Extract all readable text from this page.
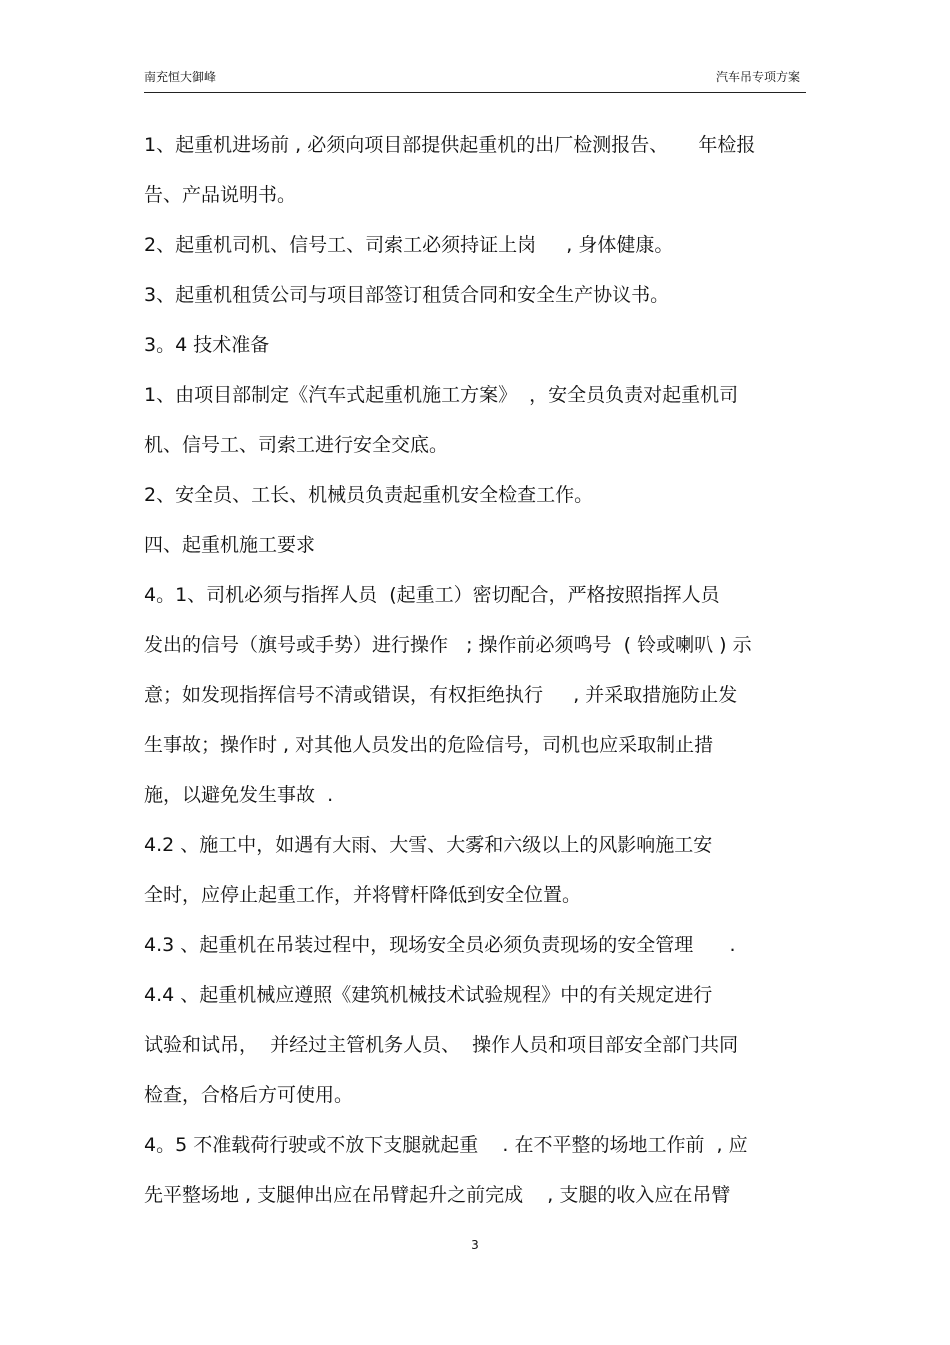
南充恒大御峰	汽车吊专项方案
1、起重机进场前 , 必须向项目部提供起重机的出厂检测报告、     年检报
告、产品说明书。
2、起重机司机、信号工、司索工必须持证上岗     , 身体健康。
3、起重机租赁公司与项目部签订租赁合同和安全生产协议书。
3。4 技术准备
1、由项目部制定《汽车式起重机施工方案》  ，安全员负责对起重机司
机、信号工、司索工进行安全交底。
2、安全员、工长、机械员负责起重机安全检查工作。
四、起重机施工要求
4。1、司机必须与指挥人员  (起重工）密切配合，严格按照指挥人员
发出的信号（旗号或手势）进行操作   ; 操作前必须鸣号  ( 铃或喇叭 ) 示
意；如发现指挥信号不清或错误，有权拒绝执行     , 并采取措施防止发
生事故；操作时 , 对其他人员发出的危险信号，司机也应采取制止措
施，以避免发生事故  .
4.2 、施工中，如遇有大雨、大雪、大雾和六级以上的风影响施工安
全时，应停止起重工作，并将臂杆降低到安全位置。
4.3 、起重机在吊装过程中，现场安全员必须负责现场的安全管理      .
4.4 、起重机械应遵照《建筑机械技术试验规程》中的有关规定进行
试验和试吊，  并经过主管机务人员、  操作人员和项目部安全部门共同
检查，合格后方可使用。
4。5 不准载荷行驶或不放下支腿就起重    . 在不平整的场地工作前  , 应
先平整场地 , 支腿伸出应在吊臂起升之前完成    , 支腿的收入应在吊臂
3
